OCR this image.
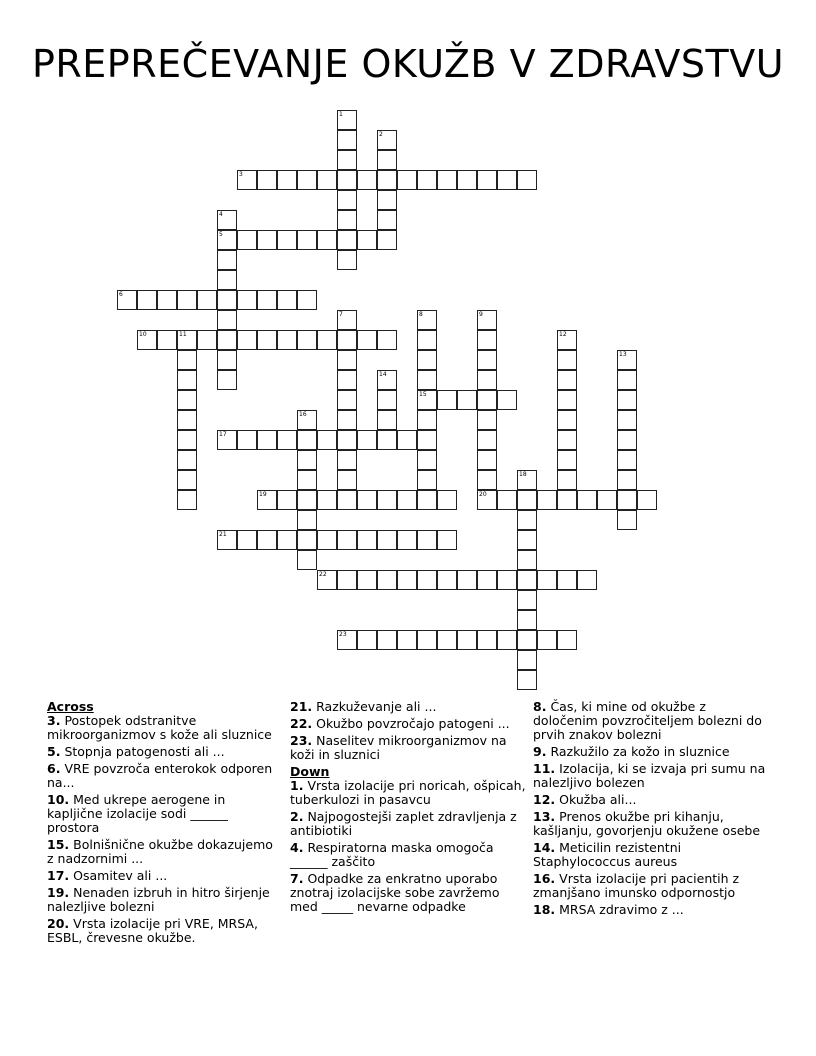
PREPREČEVANJE OKUŽB V ZDRAVSTVU
1
2
3
4
5
6
7	8	9
10	11	12
13
14
15
16
17
18
19	20
21
22
23
Across
3. Postopek odstranitve mikroorganizmov s kože ali sluznice
5. Stopnja patogenosti ali ...
6. VRE povzroča enterokok odporen na...
10. Med ukrepe aerogene in kapljične izolacije sodi ______ prostora
15. Bolnišnične okužbe dokazujemo z nadzornimi ...
17. Osamitev ali ...
19. Nenaden izbruh in hitro širjenje nalezljive bolezni
20. Vrsta izolacije pri VRE, MRSA, ESBL, črevesne okužbe.
21. Razkuževanje ali ...
22. Okužbo povzročajo patogeni ...
23. Naselitev mikroorganizmov na koži in sluznici
Down
1. Vrsta izolacije pri noricah, ošpicah, tuberkulozi in pasavcu
2. Najpogostejši zaplet zdravljenja z antibiotiki
4. Respiratorna maska omogoča ______ zaščito
7. Odpadke za enkratno uporabo znotraj izolacijske sobe zavržemo med _____ nevarne odpadke
8. Čas, ki mine od okužbe z določenim povzročiteljem bolezni do prvih znakov bolezni
9. Razkužilo za kožo in sluznice
11. Izolacija, ki se izvaja pri sumu na nalezljivo bolezen
12. Okužba ali...
13. Prenos okužbe pri kihanju, kašljanju, govorjenju okužene osebe
14. Meticilin rezistentni Staphylococcus aureus
16. Vrsta izolacije pri pacientih z zmanjšano imunsko odpornostjo
18. MRSA zdravimo z ...
